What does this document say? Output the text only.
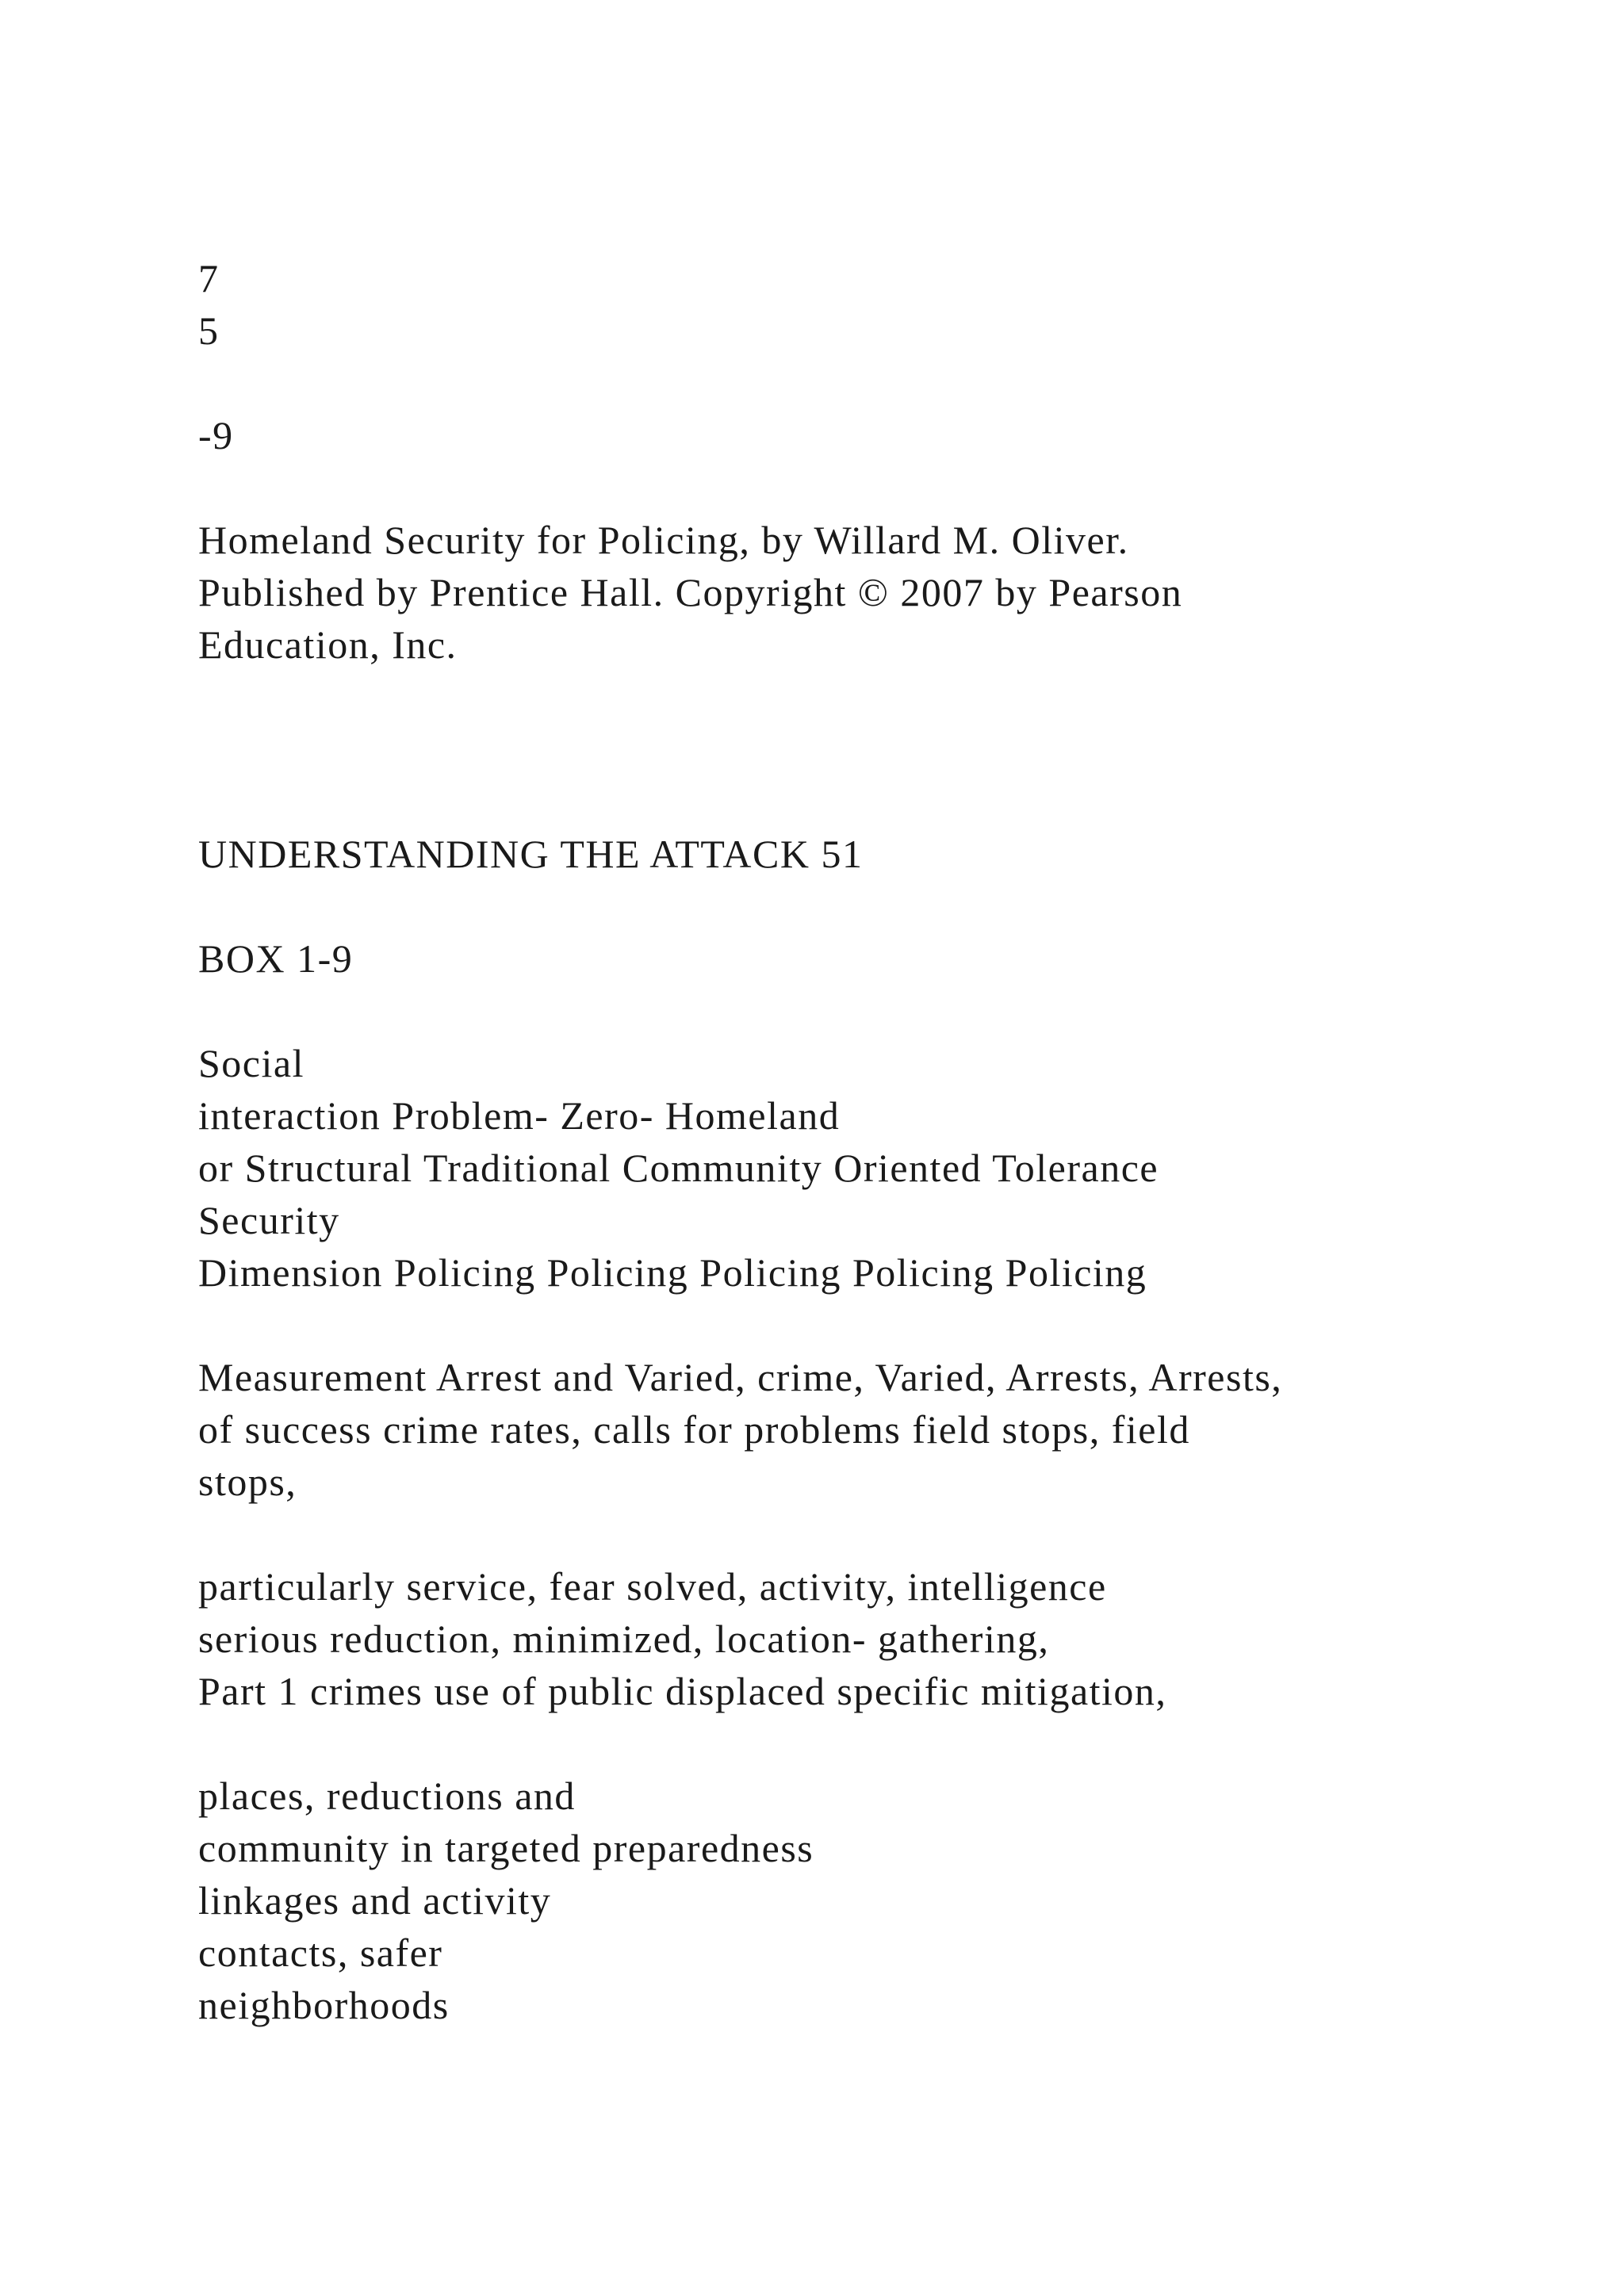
7
5
-9
Homeland Security for Policing, by Willard M. Oliver.
Published by Prentice Hall. Copyright © 2007 by Pearson
Education, Inc.
UNDERSTANDING THE ATTACK 51
BOX 1-9
Social
interaction Problem- Zero- Homeland
or Structural Traditional Community Oriented Tolerance
Security
Dimension Policing Policing Policing Policing Policing
Measurement Arrest and Varied, crime, Varied, Arrests, Arrests,
of success crime rates, calls for problems field stops, field
stops,
particularly service, fear solved, activity, intelligence
serious reduction, minimized, location- gathering,
Part 1 crimes use of public displaced specific mitigation,
places, reductions and
community in targeted preparedness
linkages and activity
contacts, safer
neighborhoods
